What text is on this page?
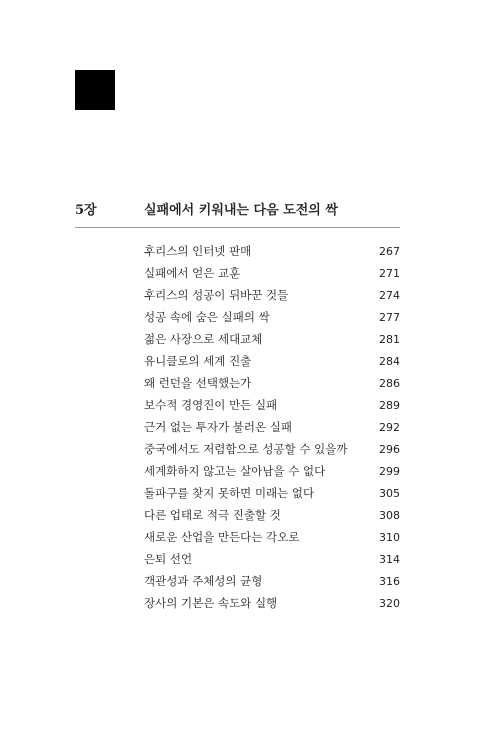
5장	실패에서 키워내는 다음 도전의 싹
후리스의 인터넷 판매	267
실패에서 얻은 교훈	271
후리스의 성공이 뒤바꾼 것들	274
성공 속에 숨은 실패의 싹	277
젊은 사장으로 세대교체	281
유니클로의 세계 진출	284
왜 런던을 선택했는가	286
보수적 경영진이 만든 실패	289
근거 없는 투자가 불러온 실패	292
중국에서도 저렴함으로 성공할 수 있을까	296
세계화하지 않고는 살아남을 수 없다	299
돌파구를 찾지 못하면 미래는 없다	305
다른 업태로 적극 진출할 것	308
새로운 산업을 만든다는 각오로	310
은퇴 선언	314
객관성과 주체성의 균형	316
장사의 기본은 속도와 실행	320
